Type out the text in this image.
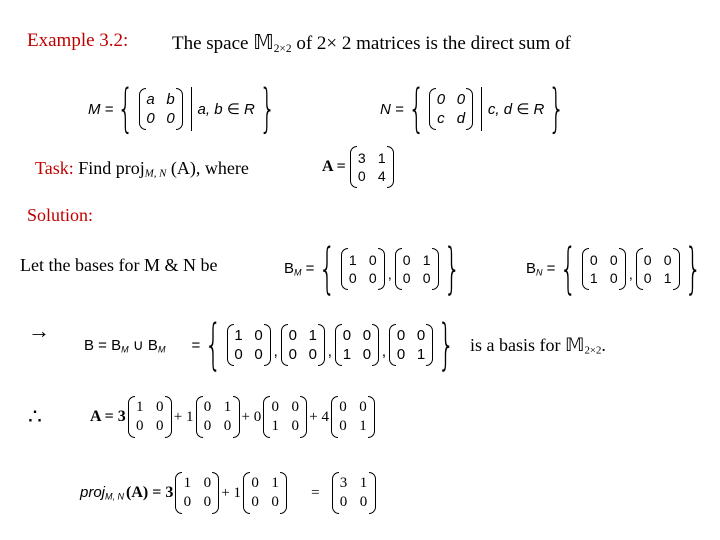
Example 3.2: The space 𝕄$_{2\times 2}$ of 2× 2 matrices is the direct sum of
M = { a b
0 0
a, b ∈ R }	N = { 0 0
c d
c, d ∈ R }
Task: Find proj$_{M, N}$ (A), where	A = 3 1
0 4
Solution:
Let the bases for M & N be	$B_M$ = { 1 0
0 0 ,
0 1
0 0 }	$B_N$ = { 0 0
1 0 ,
0 0
0 1 }
→
$B = B_M$ ∪ $B_M$ = { 1 0
0 0 ,
0 1
0 0 ,
0 0
1 0 ,
0 0
0 1 } is a basis for 𝕄$_{2\times 2}$.
∴	A = 3
1 0
0 0
+ 1
0 1
0 0
+ 0
0 0
1 0
+ 4
0 0
0 1
proj$_{M, N}$ (A) = 3
1 0
0 0
+ 1
0 1
0 0
=
3 1
0 0
